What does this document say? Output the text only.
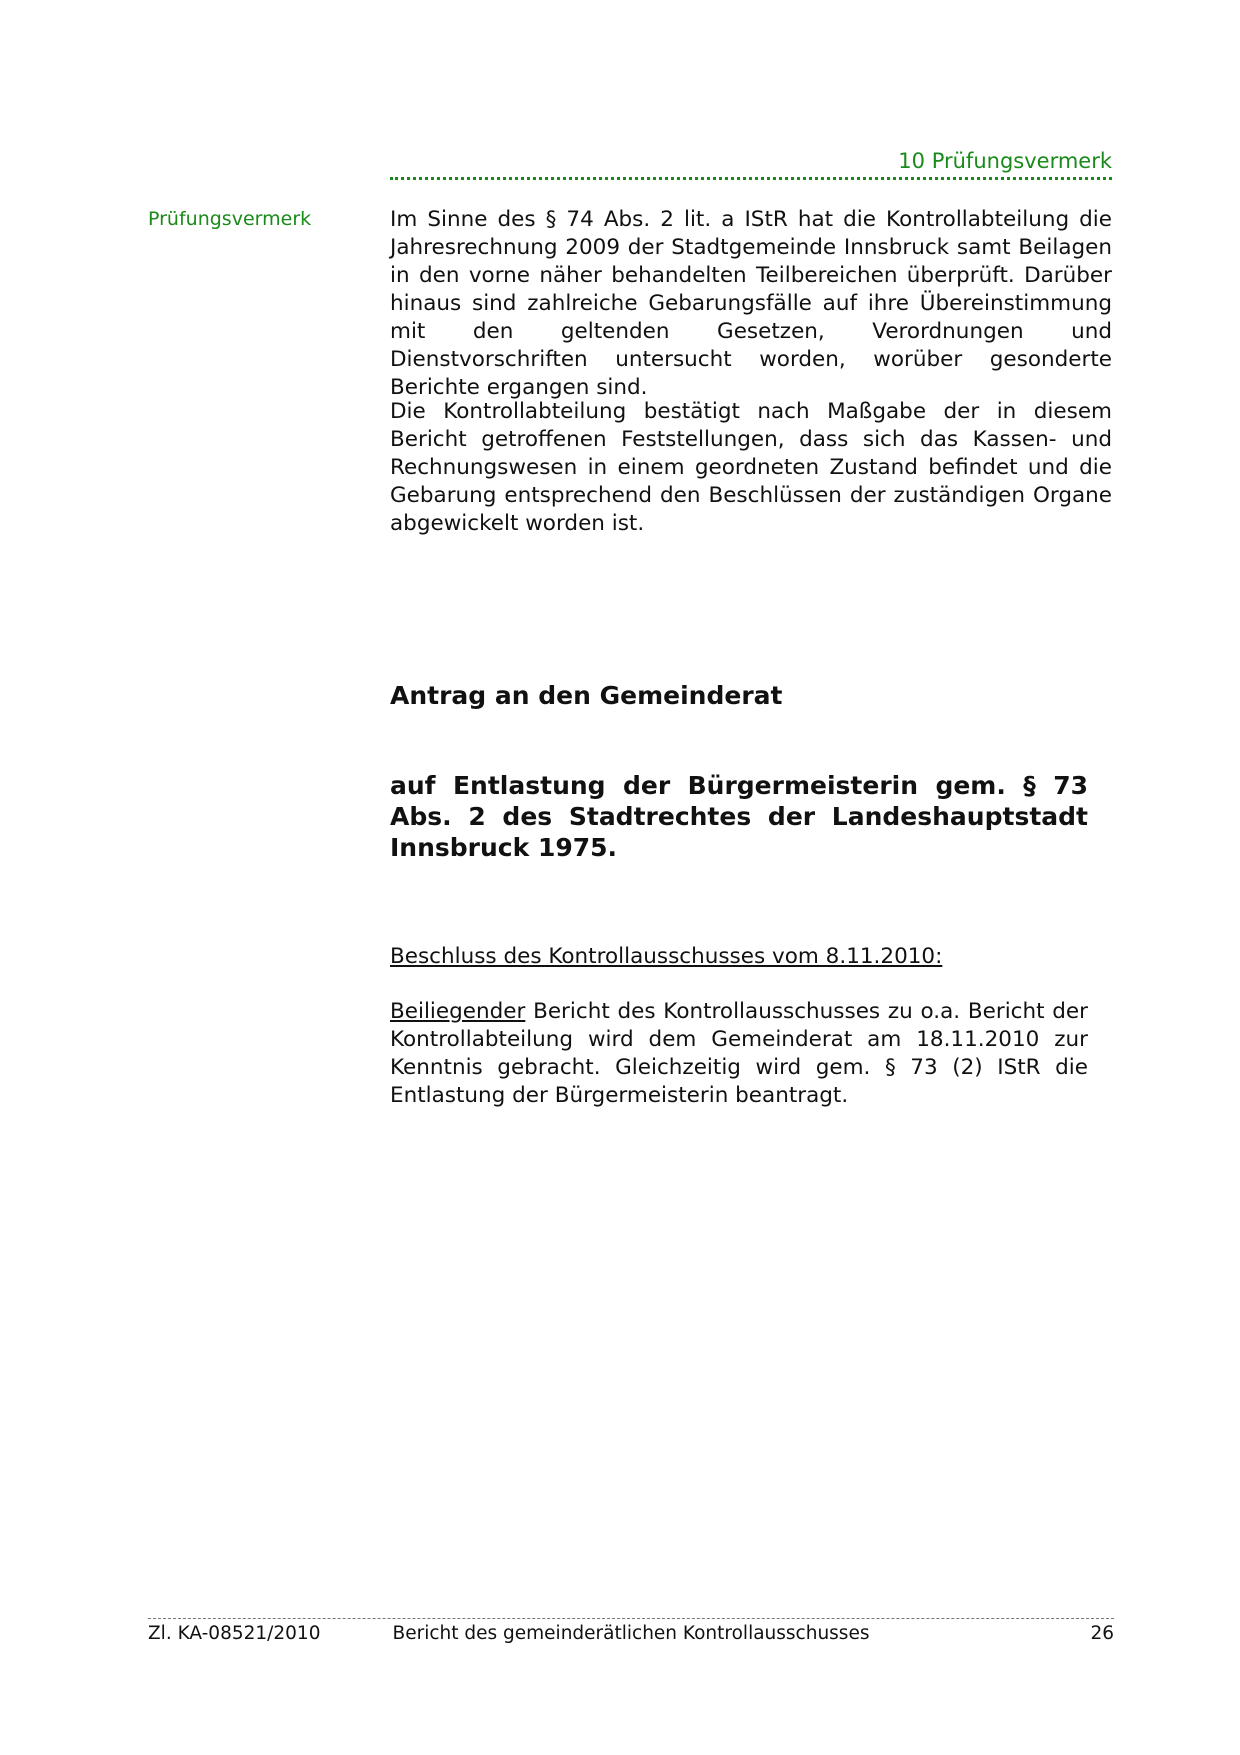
10 Prüfungsvermerk
Prüfungsvermerk	Im Sinne des § 74 Abs. 2 lit. a IStR hat die Kontrollabteilung die Jahresrechnung 2009 der Stadtgemeinde Innsbruck samt Beilagen in den vorne näher behandelten Teilbereichen überprüft. Darüber hinaus sind zahlreiche Gebarungsfälle auf ihre Übereinstimmung mit den geltenden Gesetzen, Verordnungen und Dienstvorschriften untersucht worden, worüber gesonderte Berichte ergangen sind.

Die Kontrollabteilung bestätigt nach Maßgabe der in diesem Bericht getroffenen Feststellungen, dass sich das Kassen- und Rechnungswesen in einem geordneten Zustand befindet und die Gebarung entsprechend den Beschlüssen der zuständigen Organe abgewickelt worden ist.

Antrag an den Gemeinderat
auf Entlastung der Bürgermeisterin gem. § 73 Abs. 2 des Stadtrechtes der Landeshauptstadt Innsbruck 1975.

Beschluss des Kontrollausschusses vom 8.11.2010:

Beiliegender Bericht des Kontrollausschusses zu o.a. Bericht der Kontrollabteilung wird dem Gemeinderat am 18.11.2010 zur Kenntnis gebracht. Gleichzeitig wird gem. § 73 (2) IStR die Entlastung der Bürgermeisterin beantragt.

Zl. KA-08521/2010	Bericht des gemeinderätlichen Kontrollausschusses	26
